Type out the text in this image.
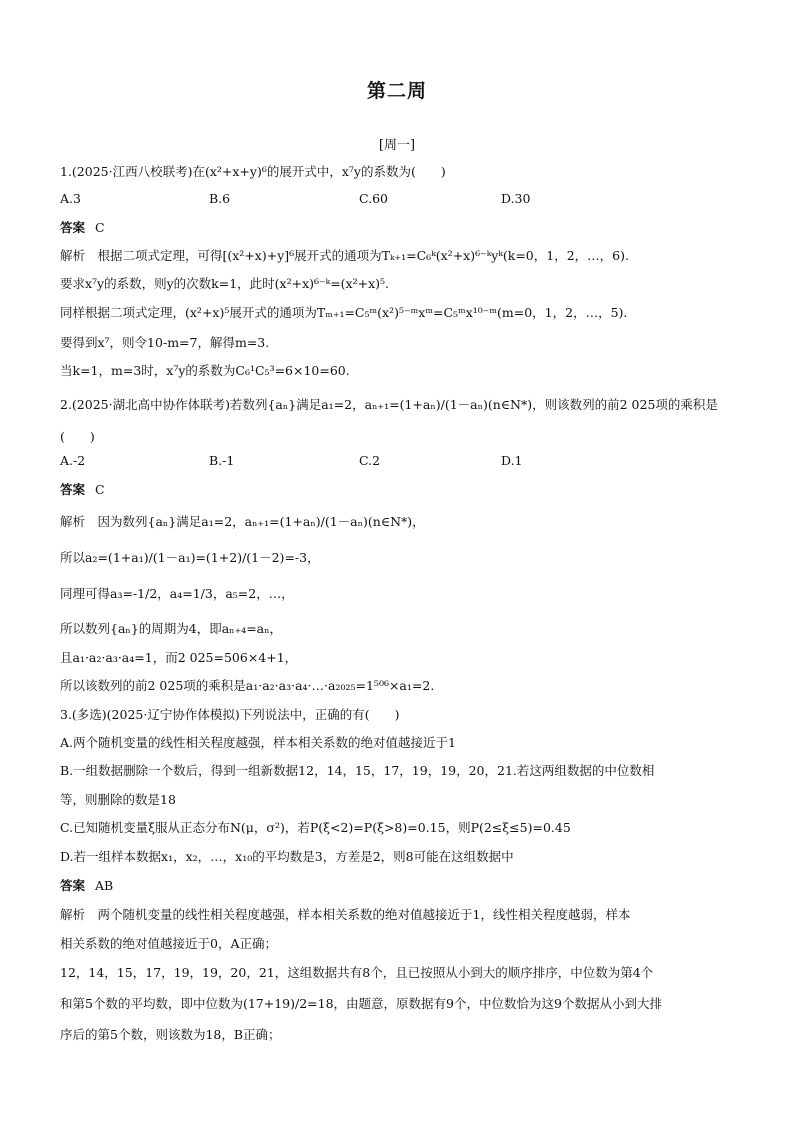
第二周
[周一]
1.(2025·江西八校联考)在(x²+x+y)⁶的展开式中，x⁷y的系数为(　　)
A.3	B.6	C.60	D.30
答案 C
解析　根据二项式定理，可得[(x²+x)+y]⁶展开式的通项为Tₖ₊₁=C₆ᵏ(x²+x)⁶⁻ᵏyᵏ(k=0，1，2，…，6).
要求x⁷y的系数，则y的次数k=1，此时(x²+x)⁶⁻ᵏ=(x²+x)⁵.
同样根据二项式定理，(x²+x)⁵展开式的通项为Tₘ₊₁=C₅ᵐ(x²)⁵⁻ᵐxᵐ=C₅ᵐx¹⁰⁻ᵐ(m=0，1，2，…，5).
要得到x⁷，则令10-m=7，解得m=3.
当k=1，m=3时，x⁷y的系数为C₆¹C₅³=6×10=60.
2.(2025·湖北高中协作体联考)若数列{aₙ}满足a₁=2，aₙ₊₁=(1+aₙ)/(1－aₙ)(n∈N*)，则该数列的前2 025项的乘积是
(　　)
A.-2	B.-1	C.2	D.1
答案 C
解析　因为数列{aₙ}满足a₁=2，aₙ₊₁=(1+aₙ)/(1－aₙ)(n∈N*)，
所以a₂=(1+a₁)/(1－a₁)=(1+2)/(1－2)=-3，
同理可得a₃=-1/2，a₄=1/3，a₅=2，…，
所以数列{aₙ}的周期为4，即aₙ₊₄=aₙ，
且a₁·a₂·a₃·a₄=1，而2 025=506×4+1，
所以该数列的前2 025项的乘积是a₁·a₂·a₃·a₄·…·a₂₀₂₅=1⁵⁰⁶×a₁=2.
3.(多选)(2025·辽宁协作体模拟)下列说法中，正确的有(　　)
A.两个随机变量的线性相关程度越强，样本相关系数的绝对值越接近于1
B.一组数据删除一个数后，得到一组新数据12，14，15，17，19，19，20，21.若这两组数据的中位数相
等，则删除的数是18
C.已知随机变量ξ服从正态分布N(μ，σ²)，若P(ξ<2)=P(ξ>8)=0.15，则P(2≤ξ≤5)=0.45
D.若一组样本数据x₁，x₂，…，x₁₀的平均数是3，方差是2，则8可能在这组数据中
答案 AB
解析　两个随机变量的线性相关程度越强，样本相关系数的绝对值越接近于1，线性相关程度越弱，样本
相关系数的绝对值越接近于0，A正确；
12，14，15，17，19，19，20，21，这组数据共有8个，且已按照从小到大的顺序排序，中位数为第4个
和第5个数的平均数，即中位数为(17+19)/2=18，由题意，原数据有9个，中位数恰为这9个数据从小到大排
序后的第5个数，则该数为18，B正确；
